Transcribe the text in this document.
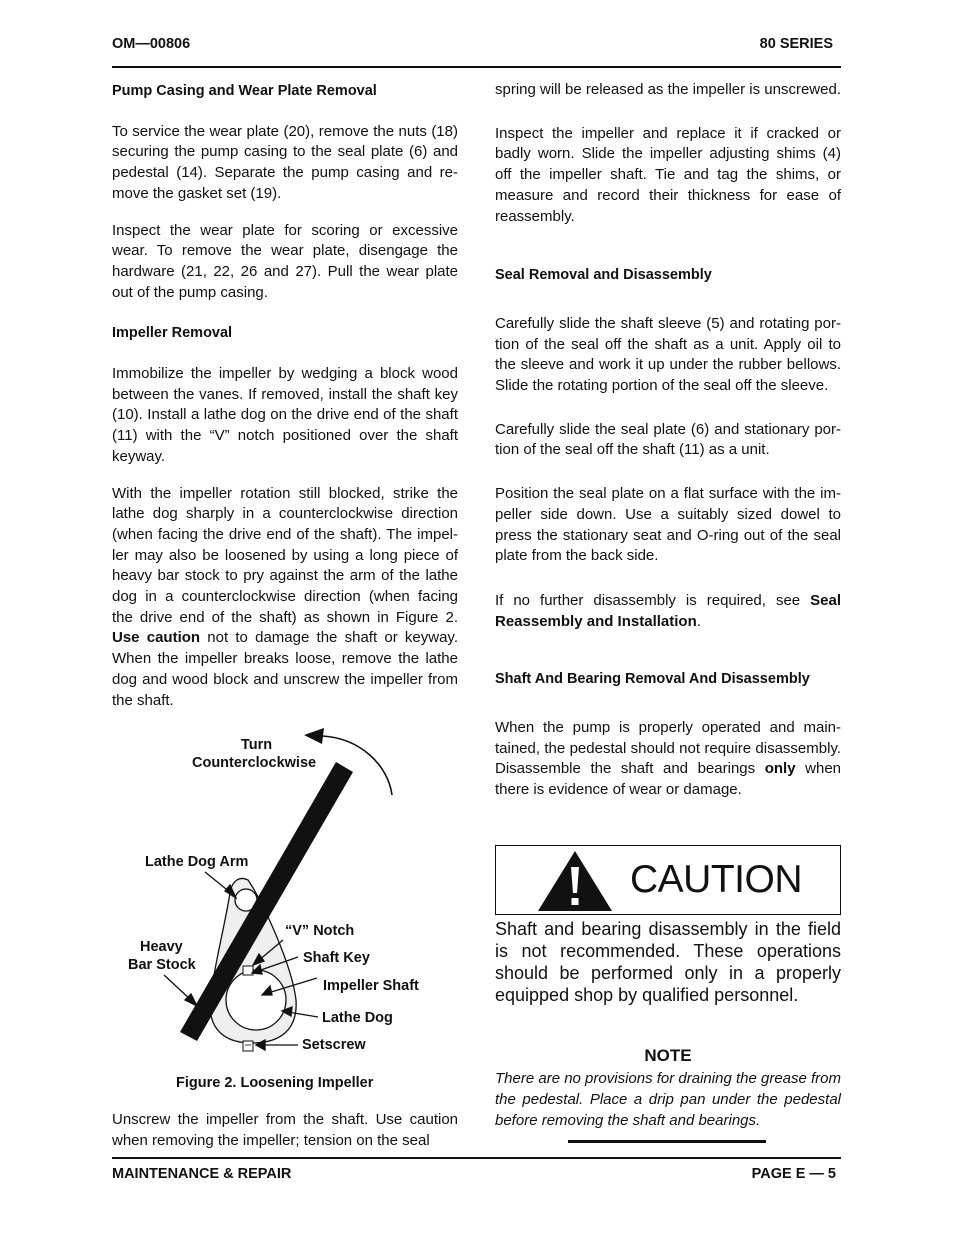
OM—00806	80 SERIES
Pump Casing and Wear Plate Removal

To service the wear plate (20), remove the nuts (18) securing the pump casing to the seal plate (6) and pedestal (14). Separate the pump casing and remove the gasket set (19).

Inspect the wear plate for scoring or excessive wear. To remove the wear plate, disengage the hardware (21, 22, 26 and 27). Pull the wear plate out of the pump casing.

Impeller Removal

Immobilize the impeller by wedging a block wood between the vanes. If removed, install the shaft key (10). Install a lathe dog on the drive end of the shaft (11) with the “V” notch positioned over the shaft keyway.

With the impeller rotation still blocked, strike the lathe dog sharply in a counterclockwise direction (when facing the drive end of the shaft). The impeller may also be loosened by using a long piece of heavy bar stock to pry against the arm of the lathe dog in a counterclockwise direction (when facing the drive end of the shaft) as shown in Figure 2. Use caution not to damage the shaft or keyway. When the impeller breaks loose, remove the lathe dog and wood block and unscrew the impeller from the shaft.

Turn
Counterclockwise
Lathe Dog Arm
Heavy
Bar Stock
“V” Notch
Shaft Key
Impeller Shaft
Lathe Dog
Setscrew
Figure 2. Loosening Impeller

Unscrew the impeller from the shaft. Use caution when removing the impeller; tension on the seal

spring will be released as the impeller is unscrewed.

Inspect the impeller and replace it if cracked or badly worn. Slide the impeller adjusting shims (4) off the impeller shaft. Tie and tag the shims, or measure and record their thickness for ease of reassembly.

Seal Removal and Disassembly

Carefully slide the shaft sleeve (5) and rotating portion of the seal off the shaft as a unit. Apply oil to the sleeve and work it up under the rubber bellows. Slide the rotating portion of the seal off the sleeve.

Carefully slide the seal plate (6) and stationary portion of the seal off the shaft (11) as a unit.

Position the seal plate on a flat surface with the impeller side down. Use a suitably sized dowel to press the stationary seat and O-ring out of the seal plate from the back side.

If no further disassembly is required, see Seal Reassembly and Installation.

Shaft And Bearing Removal And Disassembly

When the pump is properly operated and maintained, the pedestal should not require disassembly. Disassemble the shaft and bearings only when there is evidence of wear or damage.

CAUTION
Shaft and bearing disassembly in the field is not recommended. These operations should be performed only in a properly equipped shop by qualified personnel.
NOTE
There are no provisions for draining the grease from the pedestal. Place a drip pan under the pedestal before removing the shaft and bearings.
MAINTENANCE & REPAIR	PAGE E — 5
